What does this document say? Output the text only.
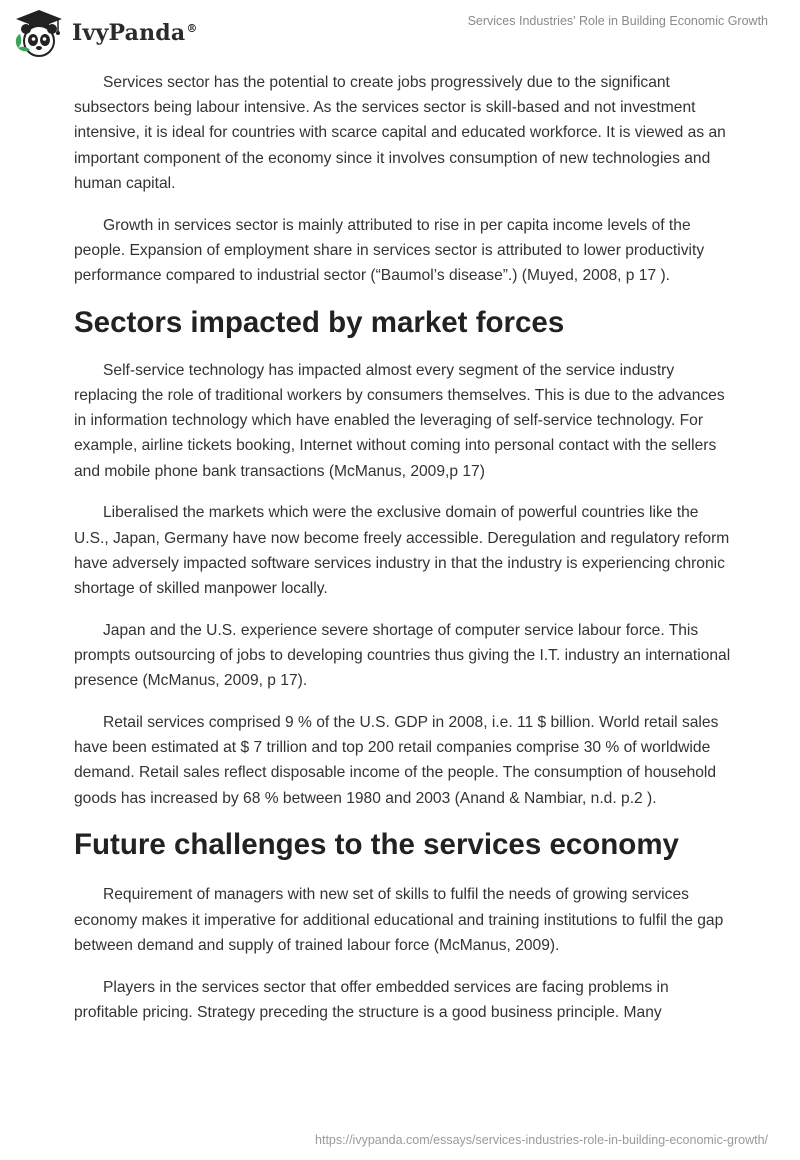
IvyPanda®
Services Industries' Role in Building Economic Growth

Services sector has the potential to create jobs progressively due to the significant subsectors being labour intensive. As the services sector is skill-based and not investment intensive, it is ideal for countries with scarce capital and educated workforce. It is viewed as an important component of the economy since it involves consumption of new technologies and human capital.

Growth in services sector is mainly attributed to rise in per capita income levels of the people. Expansion of employment share in services sector is attributed to lower productivity performance compared to industrial sector (“Baumol’s disease”.) (Muyed, 2008, p 17 ).

Sectors impacted by market forces

Self-service technology has impacted almost every segment of the service industry replacing the role of traditional workers by consumers themselves. This is due to the advances in information technology which have enabled the leveraging of self-service technology. For example, airline tickets booking, Internet without coming into personal contact with the sellers and mobile phone bank transactions (McManus, 2009,p 17)

Liberalised the markets which were the exclusive domain of powerful countries like the U.S., Japan, Germany have now become freely accessible. Deregulation and regulatory reform have adversely impacted software services industry in that the industry is experiencing chronic shortage of skilled manpower locally.

Japan and the U.S. experience severe shortage of computer service labour force. This prompts outsourcing of jobs to developing countries thus giving the I.T. industry an international presence (McManus, 2009, p 17).

Retail services comprised 9 % of the U.S. GDP in 2008, i.e. 11 $ billion. World retail sales have been estimated at $ 7 trillion and top 200 retail companies comprise 30 % of worldwide demand. Retail sales reflect disposable income of the people. The consumption of household goods has increased by 68 % between 1980 and 2003 (Anand & Nambiar, n.d. p.2 ).

Future challenges to the services economy

Requirement of managers with new set of skills to fulfil the needs of growing services economy makes it imperative for additional educational and training institutions to fulfil the gap between demand and supply of trained labour force (McManus, 2009).

Players in the services sector that offer embedded services are facing problems in profitable pricing. Strategy preceding the structure is a good business principle. Many

https://ivypanda.com/essays/services-industries-role-in-building-economic-growth/
